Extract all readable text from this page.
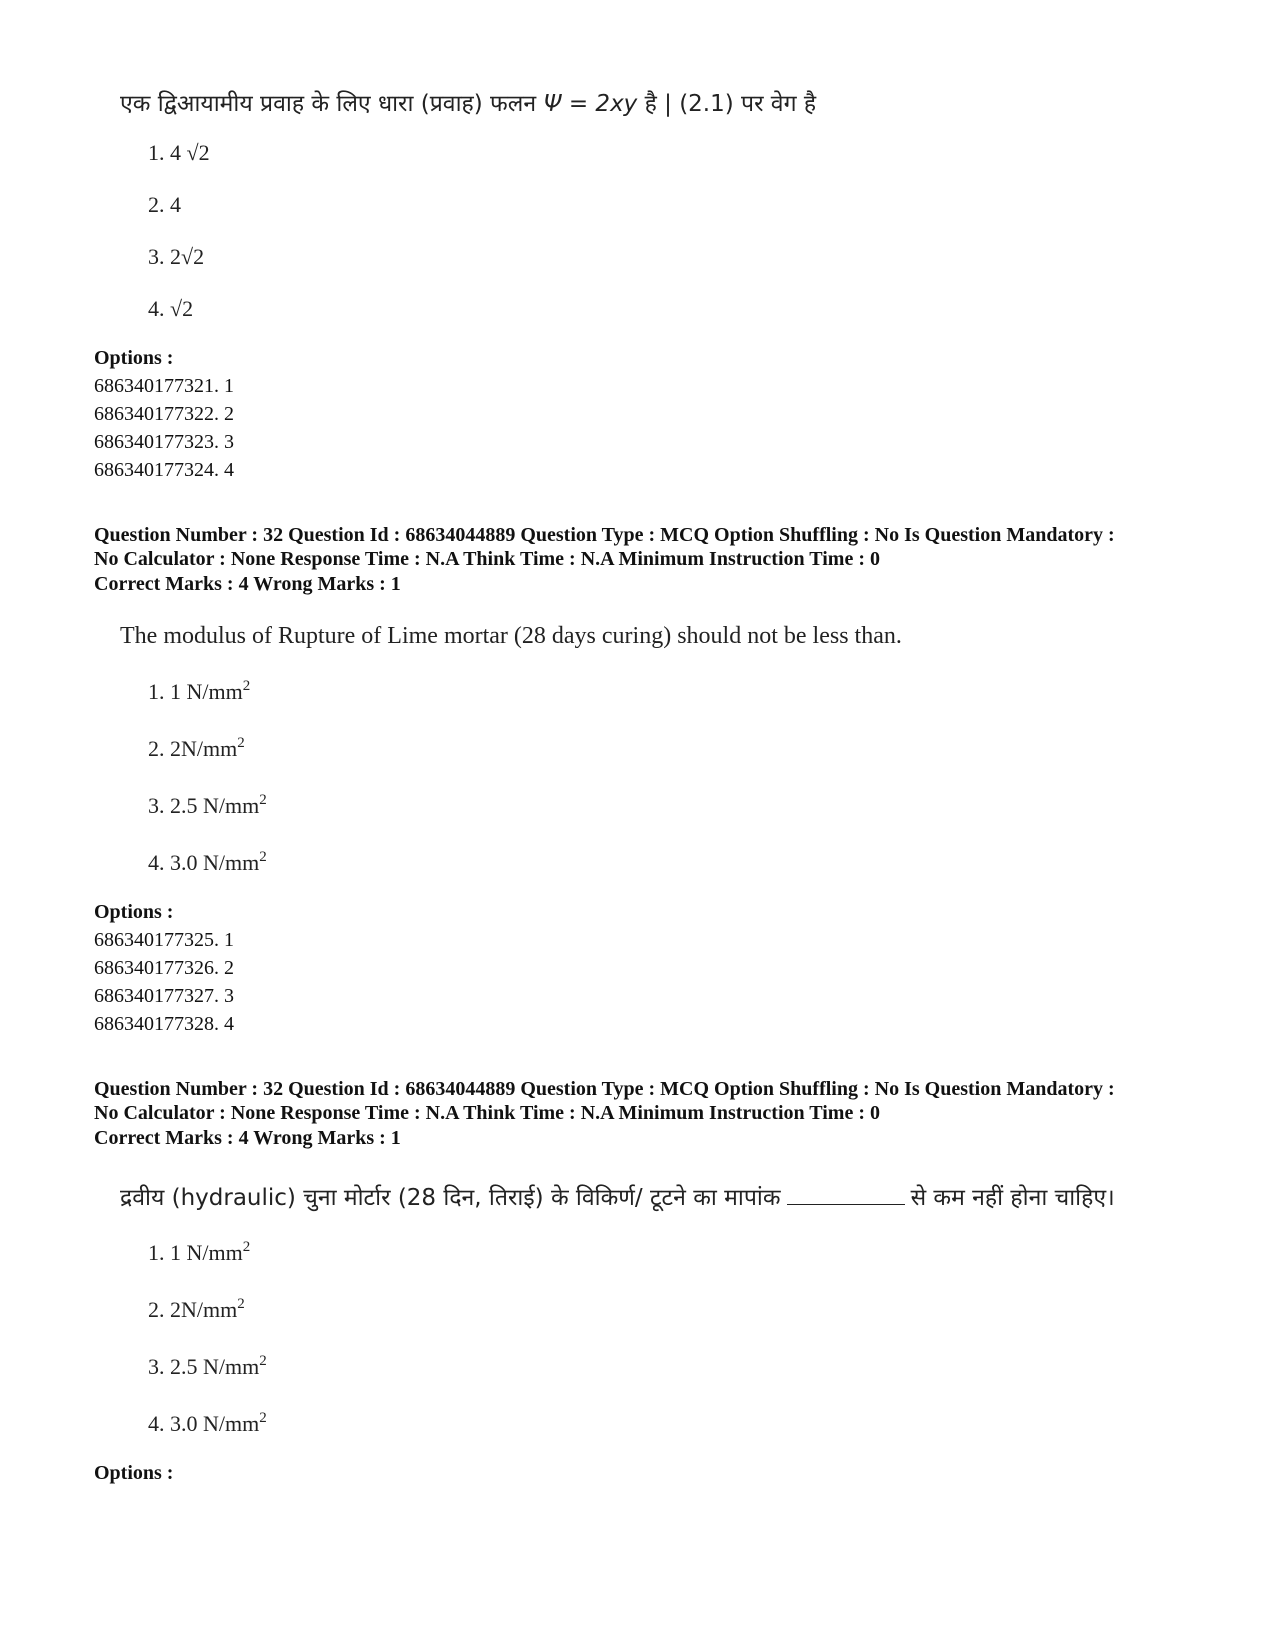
एक द्विआयामीय प्रवाह के लिए धारा (प्रवाह) फलन Ψ = 2xy है | (2.1) पर वेग है
1. 4 √2
2. 4
3. 2√2
4. √2
Options :
686340177321. 1
686340177322. 2
686340177323. 3
686340177324. 4
Question Number : 32 Question Id : 68634044889 Question Type : MCQ Option Shuffling : No Is Question Mandatory :
No Calculator : None Response Time : N.A Think Time : N.A Minimum Instruction Time : 0
Correct Marks : 4 Wrong Marks : 1
The modulus of Rupture of Lime mortar (28 days curing) should not be less than.
1. 1 $N/mm^2$
2. $2N/mm^2$
3. 2.5 $N/mm^2$
4. 3.0 $N/mm^2$
Options :
686340177325. 1
686340177326. 2
686340177327. 3
686340177328. 4
Question Number : 32 Question Id : 68634044889 Question Type : MCQ Option Shuffling : No Is Question Mandatory :
No Calculator : None Response Time : N.A Think Time : N.A Minimum Instruction Time : 0
Correct Marks : 4 Wrong Marks : 1
द्रवीय (hydraulic) चुना मोर्टार (28 दिन, तिराई) के विकिर्ण/ टूटने का मापांक	से कम नहीं होना चाहिए।
1. 1 $N/mm^2$
2. $2N/mm^2$
3. 2.5 $N/mm^2$
4. 3.0 $N/mm^2$
Options :
